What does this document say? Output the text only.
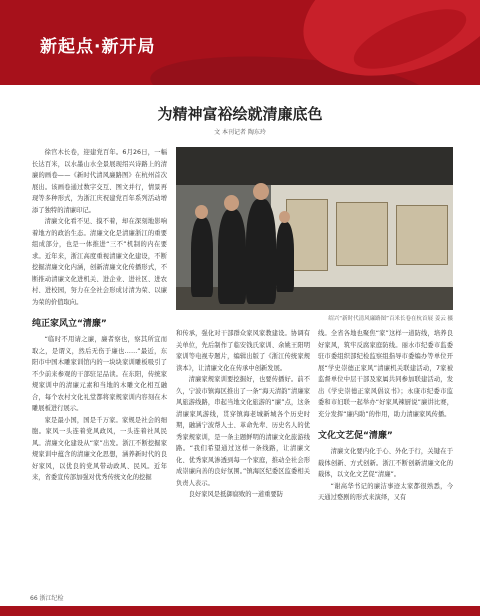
新起点·新开局
为精神富裕绘就清廉底色
文 本刊记者 陶东玲

徐官木长卷，迎建党百年。6月26日，一幅长达百米，以水墨山水全景展现绍兴诗路上的清廉的画卷——《新时代清风廉路图》在杭州首次展出。该画卷通过数字交互、图文并行，情景再现等多种形式，为浙江庆祝建党百年系列活动增添了独特的清廉印记。

清廉文化看不见、摸不着，却在深刻地影响着地方的政治生态。清廉文化是清廉浙江的重要组成部分，也是一体推进“三不”机制的内在要求。近年来，浙江高度重视清廉文化建设，不断挖掘清廉文化内涵，创新清廉文化传播形式，不断推动清廉文化进机关、进企业、进社区、进农村、进校园，努力在全社会形成讨清为荣、以廉为荣的价值取向。

纯正家风立“清廉”

“临时不用请之廉，廉者察也，察其所宜而取之，是谓义，然后无伤于廉也……”最近，东阳市中国木雕家训馆内的一块块家训雕板吸引了不少前来参观的干部驻足品读。在东阳，传统家规家训中的清廉元素和当地的木雕文化相互融合，每个农村文化礼堂都将家规家训内容刻在木雕展板进行展示。

家是最小国，国是千万家。家规是社会的细胞。家风一头连着党风政风，一头连着社风民风。清廉文化建设从“家”出发。浙江不断挖掘家规家训中蕴含的清廉文化思想，涵养新时代的良好家风，以优良的党风带动政风、民风。近年来，省委宣传部加强对优秀传统文化的挖掘

绍兴“新时代清风廉路图”百米长卷在杭首展 姜云 摄

和传承，强化对干部群众家风家教建设。协调有关单位，先后制作了临安钱氏家训、余姚王阳明家训等电视专题片，编辑出版了《浙江传统家规读本》，让清廉文化在传承中创新发展。

清廉家规家训要挖掘好，也要传播好。前不久，宁波市镇海区推出了一条“海天清韵”清廉家风旅游线路，串起当地文化旅游的“廉”点，这条清廉家风游线，贯穿镇海老城新城各个历史时期，融涵宁波帮人士、革命先辈、历史名人的优秀家规家训，是一条主题鲜明的清廉文化旅游线路。“我们希望通过这样一条线路，让清廉文化、优秀家风渗透到每一个家庭，推动全社会形成崇廉向善的良好氛围。”镇海区纪委区监委相关负责人表示。

良好家风是抵御腐败的一道重要防

线。全省各地也聚焦“家”这样一道防线，培养良好家风，筑牢反腐家庭防线。丽水市纪委市监委驻市委组织部纪检监察组指导市委编办等单位开展“学史崇德正家风”清廉机关联建活动，7家被监督单位中层干部及家属共同参加联建活动，发出《学史崇德正家风倡议书》；永康市纪委市监委和市妇联一起举办“好家风辣厨说”廉讲比赛，充分发挥“廉内助”的作用，助力清廉家风传播。

文化文艺促“清廉”

清廉文化要内化于心、外化于行，关键在于载体创新、方式创新。浙江不断创新清廉文化的载体，以文化文艺促“清廉”。

“谢高华书记的廉洁事迹太家都很熟悉，今天通过婺剧的形式来演绎，又有

66 浙江纪检
